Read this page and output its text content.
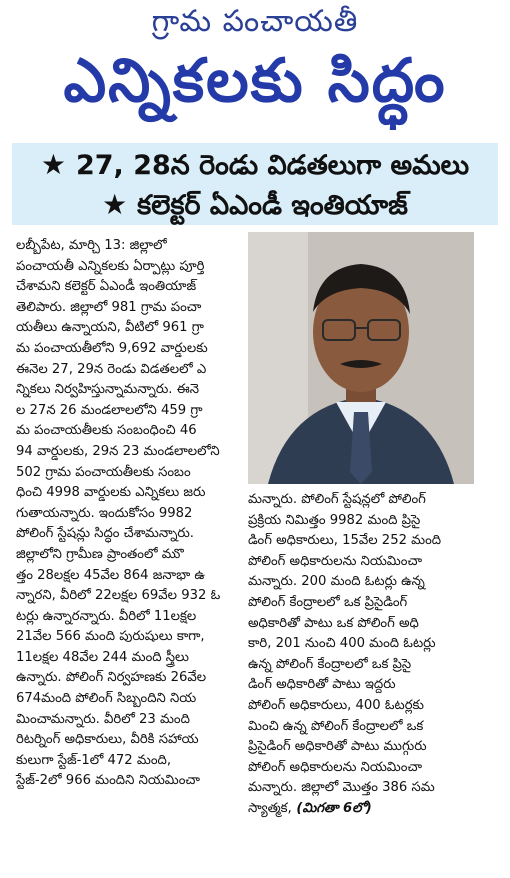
గ్రామ పంచాయతీ
ఎన్నికలకు సిద్ధం
★ 27, 28న రెండు విడతలుగా అమలు
★ కలెక్టర్ ఏఎండీ ఇంతియాజ్

లబ్బీపేట, మార్చి 13: జిల్లాలో

పంచాయతీ ఎన్నికలకు ఏర్పాట్లు పూర్తి

చేశామని కలెక్టర్ ఏఎండీ ఇంతియాజ్

తెలిపారు. జిల్లాలో 981 గ్రామ పంచా

యతీలు ఉన్నాయని, వీటిలో 961 గ్రా

మ పంచాయతీలోని 9,692 వార్డులకు

ఈనెల 27, 29న రెండు విడతలలో ఎ

న్నికలు నిర్వహిస్తున్నామన్నారు. ఈనె

ల 27న 26 మండలాలలోని 459 గ్రా

మ పంచాయతీలకు సంబంధించి 46

94 వార్డులకు, 29న 23 మండలాలలోని

502 గ్రామ పంచాయతీలకు సంబం

ధించి 4998 వార్డులకు ఎన్నికలు జరు

గుతాయన్నారు. ఇందుకోసం 9982

పోలింగ్ స్టేషన్లు సిద్ధం చేశామన్నారు.

జిల్లాలోని గ్రామీణ ప్రాంతంలో ముొ

త్తం 28లక్షల 45వేల 864 జనాభా ఉ

న్నారని, వీరిలో 22లక్షల 69వేల 932 ఓ

టర్లు ఉన్నారన్నారు. వీరిలో 11లక్షల

21వేల 566 మంది పురుషులు కాగా,

11లక్షల 48వేల 244 మంది స్త్రీలు

ఉన్నారు. పోలింగ్ నిర్వహణకు 26వేల

674మంది పోలింగ్ సిబ్బందిని నియ

మించామన్నారు. వీరిలో 23 మంది

రిటర్నింగ్ అధికారులు, వీరికి సహాయ

కులుగా స్టేజ్-1లో 472 మంది,

స్టేజ్-2లో 966 మందిని నియమించా

మన్నారు. పోలింగ్ స్టేషన్లలో పోలింగ్

ప్రక్రియ నిమిత్తం 9982 మంది ప్రిసై

డింగ్ అధికారులు, 15వేల 252 మంది

పోలింగ్ అధికారులను నియమించా

మన్నారు. 200 మంది ఓటర్లు ఉన్న

పోలింగ్ కేంద్రాలలో ఒక ప్రిసైడింగ్

అధికారితో పాటు ఒక పోలింగ్ అధి

కారి, 201 నుంచి 400 మంది ఓటర్లు

ఉన్న పోలింగ్ కేంద్రాలలో ఒక ప్రిసై

డింగ్ అధికారితో పాటు ఇద్దరు

పోలింగ్ అధికారులు, 400 ఓటర్లకు

మించి ఉన్న పోలింగ్ కేంద్రాలలో ఒక

ప్రిసైడింగ్ అధికారితో పాటు ముగ్గురు

పోలింగ్ అధికారులను నియమించా

మన్నారు. జిల్లాలో మొత్తం 386 సమ

స్యాత్మక, (మిగతా 6లో)
